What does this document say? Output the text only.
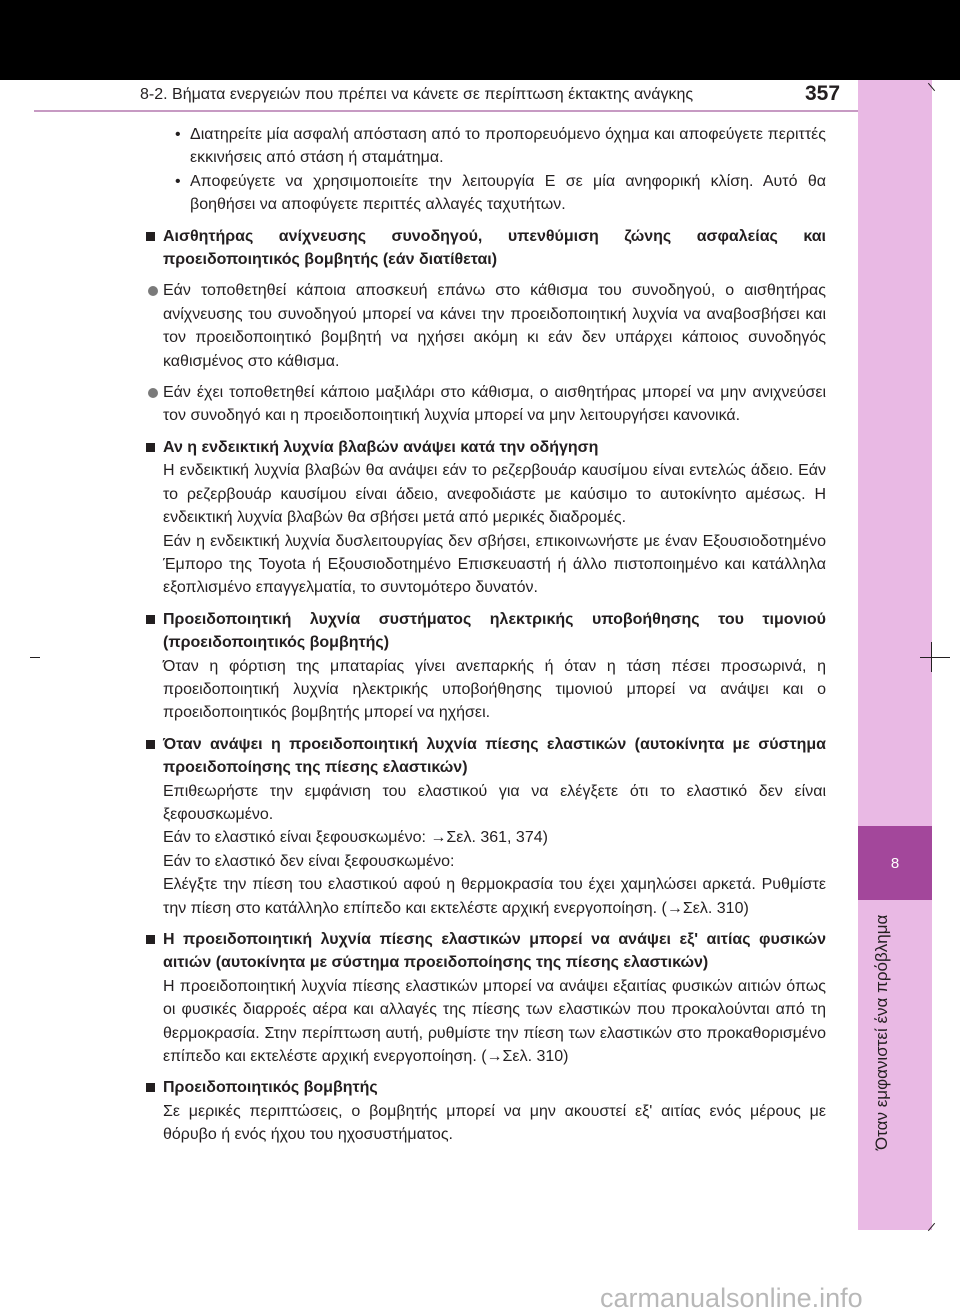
8
Όταν εμφανιστεί ένα πρόβλημα
8-2. Βήματα ενεργειών που πρέπει να κάνετε σε περίπτωση έκτακτης ανάγκης	357
• Διατηρείτε μία ασφαλή απόσταση από το προπορευόμενο όχημα και αποφεύγετε περιττές εκκινήσεις από στάση ή σταμάτημα.

• Αποφεύγετε να χρησιμοποιείτε την λειτουργία E σε μία ανηφορική κλίση. Αυτό θα βοηθήσει να αποφύγετε περιττές αλλαγές ταχυτήτων.

Αισθητήρας ανίχνευσης συνοδηγού, υπενθύμιση ζώνης ασφαλείας και προειδοποιητικός βομβητής (εάν διατίθεται)

Εάν τοποθετηθεί κάποια αποσκευή επάνω στο κάθισμα του συνοδηγού, ο αισθητήρας ανίχνευσης του συνοδηγού μπορεί να κάνει την προειδοποιητική λυχνία να αναβοσβήσει και τον προειδοποιητικό βομβητή να ηχήσει ακόμη κι εάν δεν υπάρχει κάποιος συνοδηγός καθισμένος στο κάθισμα.

Εάν έχει τοποθετηθεί κάποιο μαξιλάρι στο κάθισμα, ο αισθητήρας μπορεί να μην ανιχνεύσει τον συνοδηγό και η προειδοποιητική λυχνία μπορεί να μην λειτουργήσει κανονικά.

Αν η ενδεικτική λυχνία βλαβών ανάψει κατά την οδήγηση

Η ενδεικτική λυχνία βλαβών θα ανάψει εάν το ρεζερβουάρ καυσίμου είναι εντελώς άδειο. Εάν το ρεζερβουάρ καυσίμου είναι άδειο, ανεφοδιάστε με καύσιμο το αυτοκίνητο αμέσως. Η ενδεικτική λυχνία βλαβών θα σβήσει μετά από μερικές διαδρομές.

Εάν η ενδεικτική λυχνία δυσλειτουργίας δεν σβήσει, επικοινωνήστε με έναν Εξουσιοδοτημένο Έμπορο της Toyota ή Εξουσιοδοτημένο Επισκευαστή ή άλλο πιστοποιημένο και κατάλληλα εξοπλισμένο επαγγελματία, το συντομότερο δυνατόν.

Προειδοποιητική λυχνία συστήματος ηλεκτρικής υποβοήθησης του τιμονιού (προειδοποιητικός βομβητής)

Όταν η φόρτιση της μπαταρίας γίνει ανεπαρκής ή όταν η τάση πέσει προσωρινά, η προειδοποιητική λυχνία ηλεκτρικής υποβοήθησης τιμονιού μπορεί να ανάψει και ο προειδοποιητικός βομβητής μπορεί να ηχήσει.

Όταν ανάψει η προειδοποιητική λυχνία πίεσης ελαστικών (αυτοκίνητα με σύστημα προειδοποίησης της πίεσης ελαστικών)

Επιθεωρήστε την εμφάνιση του ελαστικού για να ελέγξετε ότι το ελαστικό δεν είναι ξεφουσκωμένο.

Εάν το ελαστικό είναι ξεφουσκωμένο: →Σελ. 361, 374)

Εάν το ελαστικό δεν είναι ξεφουσκωμένο:

Ελέγξτε την πίεση του ελαστικού αφού η θερμοκρασία του έχει χαμηλώσει αρκετά. Ρυθμίστε την πίεση στο κατάλληλο επίπεδο και εκτελέστε αρχική ενεργοποίηση. (→Σελ. 310)

Η προειδοποιητική λυχνία πίεσης ελαστικών μπορεί να ανάψει εξ' αιτίας φυσικών αιτιών (αυτοκίνητα με σύστημα προειδοποίησης της πίεσης ελαστικών)

Η προειδοποιητική λυχνία πίεσης ελαστικών μπορεί να ανάψει εξαιτίας φυσικών αιτιών όπως οι φυσικές διαρροές αέρα και αλλαγές της πίεσης των ελαστικών που προκαλούνται από τη θερμοκρασία. Στην περίπτωση αυτή, ρυθμίστε την πίεση των ελαστικών στο προκαθορισμένο επίπεδο και εκτελέστε αρχική ενεργοποίηση. (→Σελ. 310)

Προειδοποιητικός βομβητής

Σε μερικές περιπτώσεις, ο βομβητής μπορεί να μην ακουστεί εξ' αιτίας ενός μέρους με θόρυβο ή ενός ήχου του ηχοσυστήματος.

carmanualsonline.info
